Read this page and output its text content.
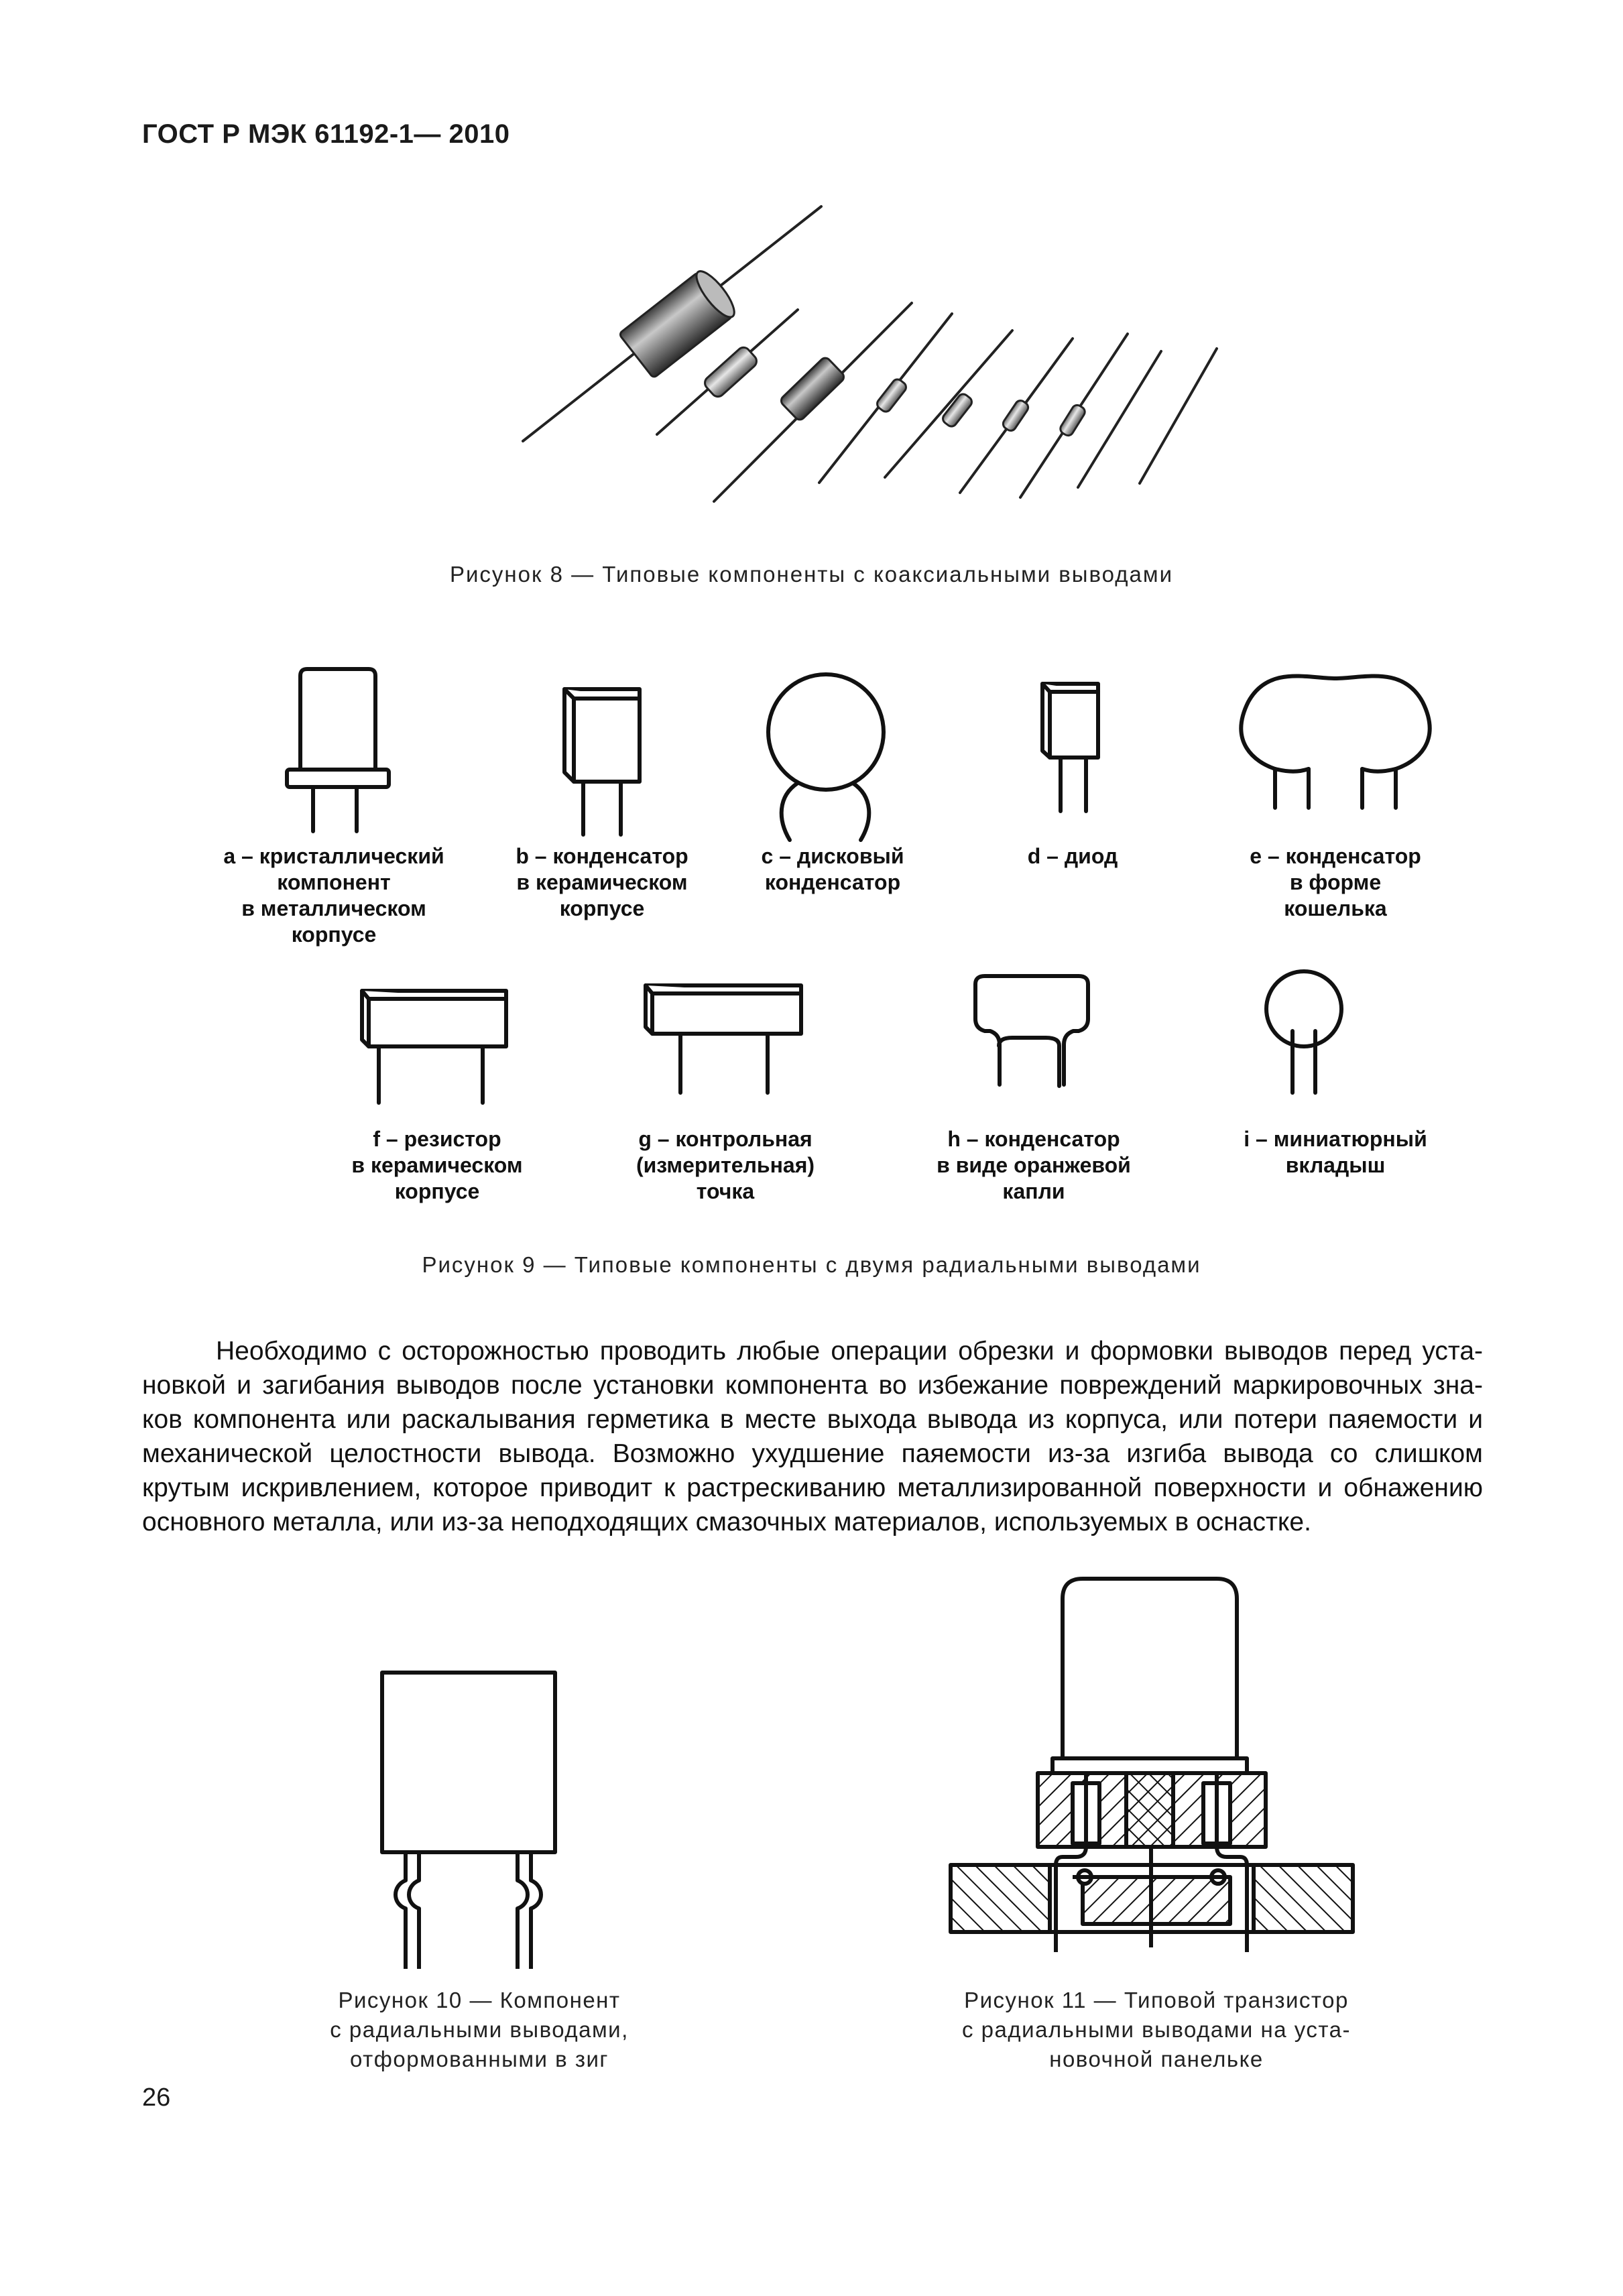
ГОСТ Р МЭК 61192-1— 2010
Рисунок 8 — Типовые компоненты с коаксиальными выводами
a – кристаллический
компонент
в металлическом
корпусе
b – конденсатор
в керамическом
корпусе
c – дисковый
конденсатор
d – диод	e – конденсатор
в форме
кошелька
f – резистор
в керамическом
корпусе
g – контрольная
(измерительная)
точка
h – конденсатор
в виде оранжевой
капли
i – миниатюрный
вкладыш
Рисунок 9 — Типовые компоненты с двумя радиальными выводами
Необходимо с осторожностью проводить любые операции обрезки и формовки выводов перед уста-
новкой и загибания выводов после установки компонента во избежание повреждений маркировочных зна-
ков компонента или раскалывания герметика в месте выхода вывода из корпуса, или потери паяемости и
механической целостности вывода. Возможно ухудшение паяемости из-за изгиба вывода со слишком
крутым искривлением, которое приводит к растрескиванию металлизированной поверхности и обнажению
основного металла, или из-за неподходящих смазочных материалов, используемых в оснастке.
Рисунок 10 — Компонент
с радиальными выводами,
отформованными в зиг
Рисунок 11 — Типовой транзистор
с радиальными выводами на уста-
новочной панельке
26
